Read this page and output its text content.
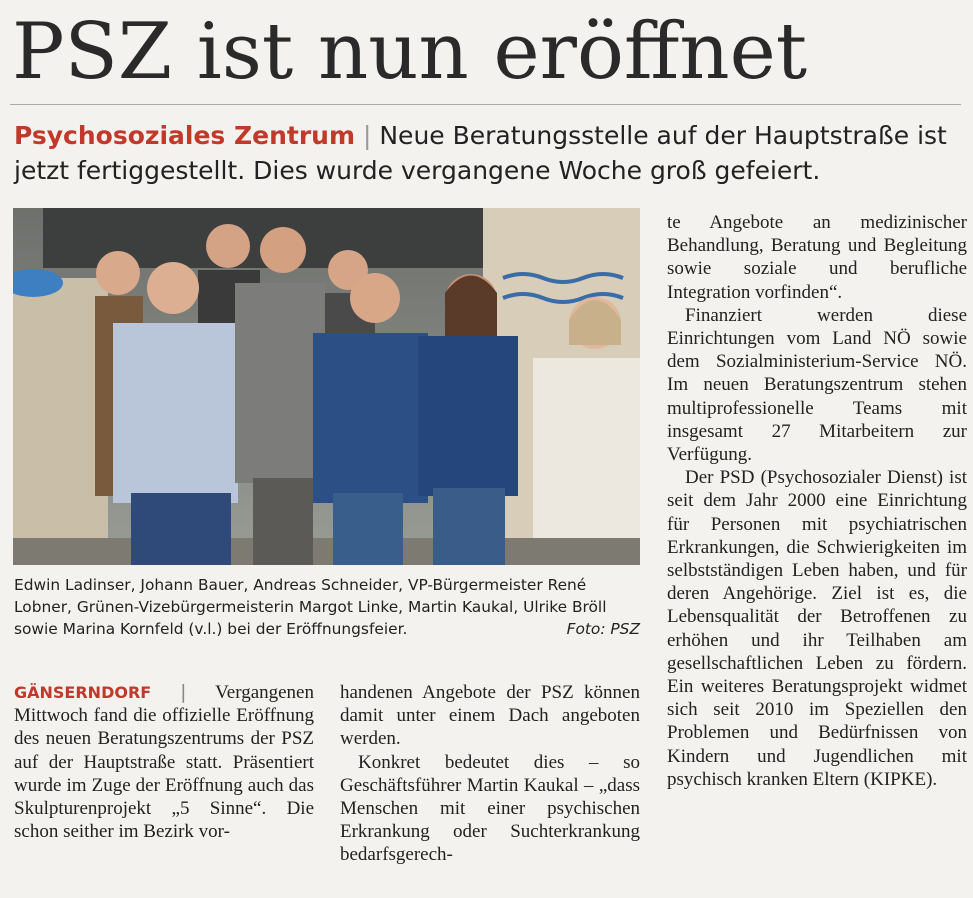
PSZ ist nun eröffnet
Psychosoziales Zentrum | Neue Beratungsstelle auf der Hauptstraße ist jetzt fertiggestellt. Dies wurde vergangene Woche groß gefeiert.
Edwin Ladinser, Johann Bauer, Andreas Schneider, VP-Bürgermeister René Lobner, Grünen-Vizebürgermeisterin Margot Linke, Martin Kaukal, Ulrike Bröll sowie Marina Kornfeld (v.l.) bei der Eröffnungsfeier.	Foto: PSZ

GÄNSERNDORF | Vergangenen Mittwoch fand die offizielle Eröffnung des neuen Beratungszentrums der PSZ auf der Hauptstraße statt. Präsentiert wurde im Zuge der Eröffnung auch das Skulpturenprojekt „5 Sinne“. Die schon seither im Bezirk vor-

handenen Angebote der PSZ können damit unter einem Dach angeboten werden.

Konkret bedeutet dies – so Geschäftsführer Martin Kaukal – „dass Menschen mit einer psychischen Erkrankung oder Suchterkrankung bedarfsgerech-

te Angebote an medizinischer Behandlung, Beratung und Begleitung sowie soziale und berufliche Integration vorfinden“.

Finanziert werden diese Einrichtungen vom Land NÖ sowie dem Sozialministerium-Service NÖ. Im neuen Beratungszentrum stehen multiprofessionelle Teams mit insgesamt 27 Mitarbeitern zur Verfügung.

Der PSD (Psychosozialer Dienst) ist seit dem Jahr 2000 eine Einrichtung für Personen mit psychiatrischen Erkrankungen, die Schwierigkeiten im selbstständigen Leben haben, und für deren Angehörige. Ziel ist es, die Lebensqualität der Betroffenen zu erhöhen und ihr Teilhaben am gesellschaftlichen Leben zu fördern. Ein weiteres Beratungsprojekt widmet sich seit 2010 im Speziellen den Problemen und Bedürfnissen von Kindern und Jugendlichen mit psychisch kranken Eltern (KIPKE).
